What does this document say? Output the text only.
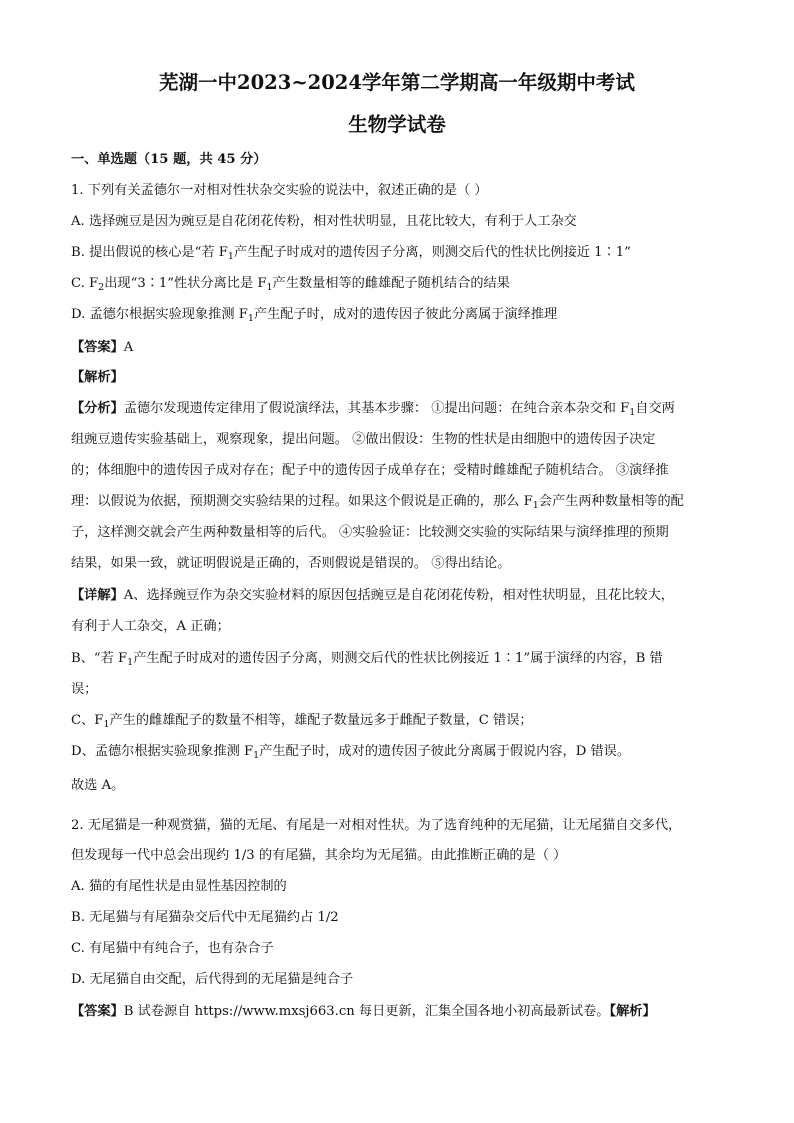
芜湖一中2023~2024学年第二学期高一年级期中考试
生物学试卷
一、单选题（15 题，共 45 分）
1. 下列有关孟德尔一对相对性状杂交实验的说法中，叙述正确的是（ ）
A. 选择豌豆是因为豌豆是自花闭花传粉，相对性状明显，且花比较大，有利于人工杂交
B. 提出假说的核心是“若 $F_1$产生配子时成对的遗传因子分离，则测交后代的性状比例接近 1∶1”
C. $F_2$出现“3∶1”性状分离比是 $F_1$产生数量相等的雌雄配子随机结合的结果
D. 孟德尔根据实验现象推测 $F_1$产生配子时，成对的遗传因子彼此分离属于演绎推理
【答案】A
【解析】
【分析】孟德尔发现遗传定律用了假说演绎法，其基本步骤： ①提出问题：在纯合亲本杂交和 $F_1$自交两
组豌豆遗传实验基础上，观察现象，提出问题。 ②做出假设：生物的性状是由细胞中的遗传因子决定
的；体细胞中的遗传因子成对存在；配子中的遗传因子成单存在；受精时雌雄配子随机结合。 ③演绎推
理：以假说为依据，预期测交实验结果的过程。如果这个假说是正确的，那么 $F_1$会产生两种数量相等的配
子，这样测交就会产生两种数量相等的后代。 ④实验验证：比较测交实验的实际结果与演绎推理的预期
结果，如果一致，就证明假说是正确的，否则假说是错误的。 ⑤得出结论。
【详解】A、选择豌豆作为杂交实验材料的原因包括豌豆是自花闭花传粉，相对性状明显，且花比较大，
有利于人工杂交，A 正确；
B、“若 $F_1$产生配子时成对的遗传因子分离，则测交后代的性状比例接近 1∶1”属于演绎的内容，B 错
误；
C、$F_1$产生的雌雄配子的数量不相等，雄配子数量远多于雌配子数量，C 错误；
D、孟德尔根据实验现象推测 $F_1$产生配子时，成对的遗传因子彼此分离属于假说内容，D 错误。
故选 A。
2. 无尾猫是一种观赏猫，猫的无尾、有尾是一对相对性状。为了选育纯种的无尾猫，让无尾猫自交多代，
但发现每一代中总会出现约 1/3 的有尾猫，其余均为无尾猫。由此推断正确的是（ ）
A. 猫的有尾性状是由显性基因控制的
B. 无尾猫与有尾猫杂交后代中无尾猫约占 1/2
C. 有尾猫中有纯合子，也有杂合子
D. 无尾猫自由交配，后代得到的无尾猫是纯合子
【答案】B 试卷源自 https://www.mxsj663.cn 每日更新，汇集全国各地小初高最新试卷。【解析】
